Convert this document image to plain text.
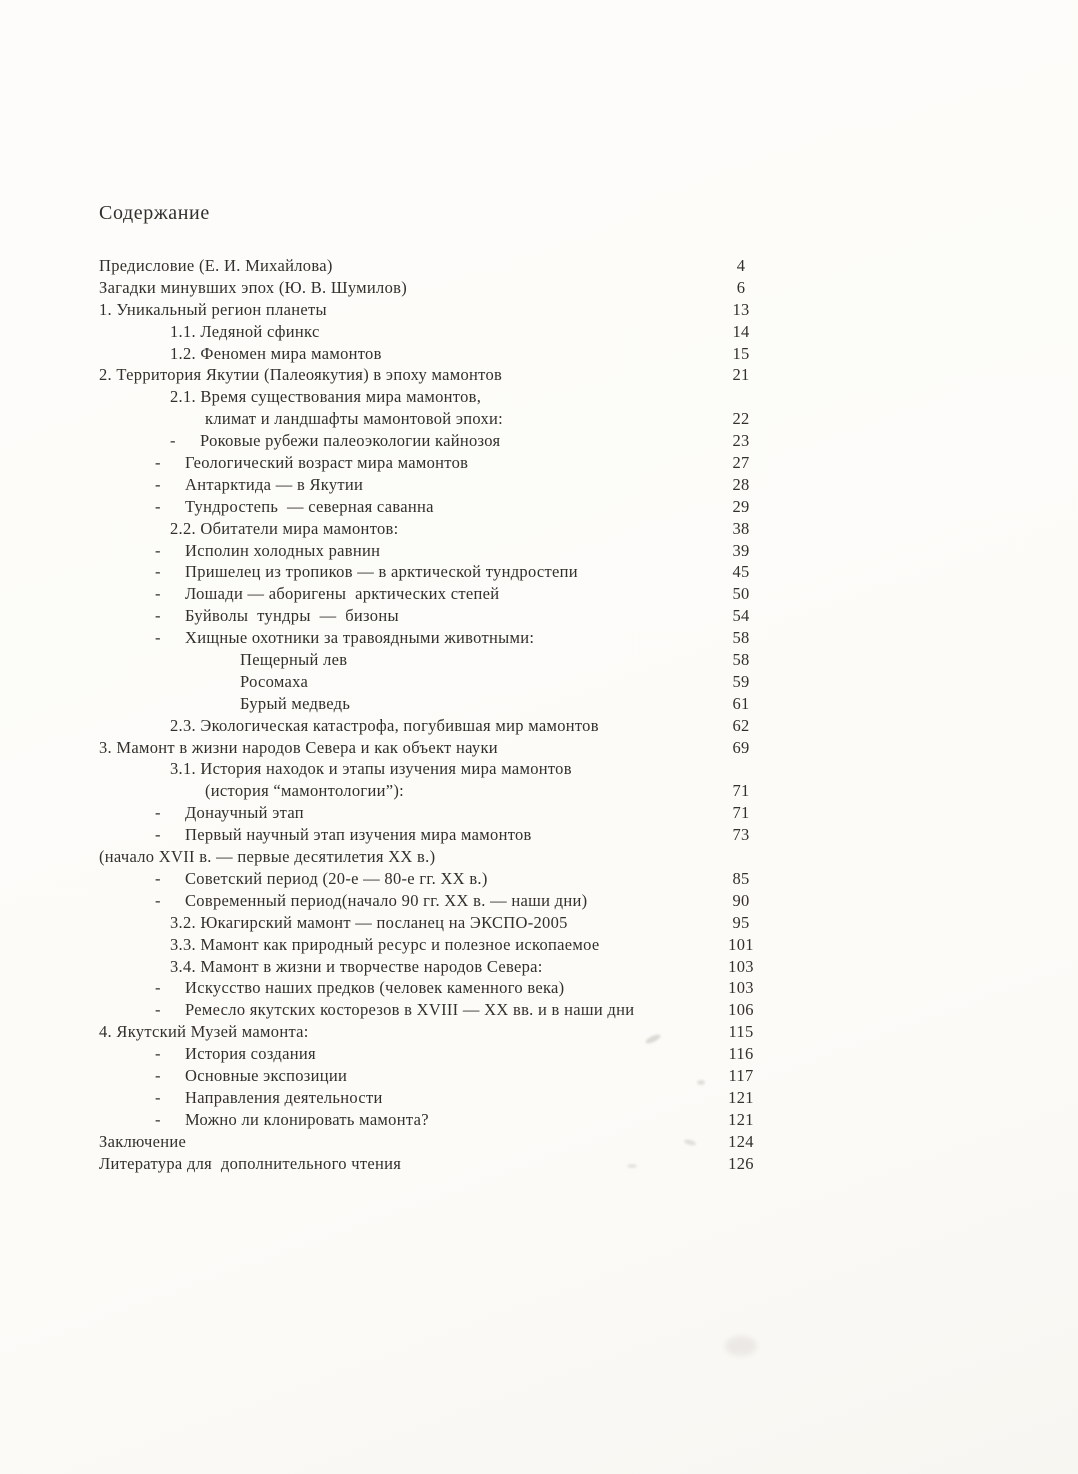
Содержание
Предисловие (Е. И. Михайлова)	4
Загадки минувших эпох (Ю. В. Шумилов)	6
1. Уникальный регион планеты	13
1.1. Ледяной сфинкс	14
1.2. Феномен мира мамонтов	15
2. Территория Якутии (Палеоякутия) в эпоху мамонтов	21
2.1. Время существования мира мамонтов,
климат и ландшафты мамонтовой эпохи:	22
-	Роковые рубежи палеоэкологии кайнозоя	23
-	Геологический возраст мира мамонтов	27
-	Антарктида — в Якутии	28
-	Тундростепь  — северная саванна	29
2.2. Обитатели мира мамонтов:	38
-	Исполин холодных равнин	39
-	Пришелец из тропиков — в арктической тундростепи	45
-	Лошади — аборигены  арктических степей	50
-	Буйволы  тундры  —  бизоны	54
-	Хищные охотники за травоядными животными:	58
Пещерный лев	58
Росомаха	59
Бурый медведь	61
2.3. Экологическая катастрофа, погубившая мир мамонтов	62
3. Мамонт в жизни народов Севера и как объект науки	69
3.1. История находок и этапы изучения мира мамонтов
(история “мамонтологии”):	71
-	Донаучный этап	71
-	Первый научный этап изучения мира мамонтов	73
(начало XVII в. — первые десятилетия XX в.)
-	Советский период (20-е — 80-е гг. XX в.)	85
-	Современный период(начало 90 гг. XX в. — наши дни)	90
3.2. Юкагирский мамонт — посланец на ЭКСПО-2005	95
3.3. Мамонт как природный ресурс и полезное ископаемое	101
3.4. Мамонт в жизни и творчестве народов Севера:	103
-	Искусство наших предков (человек каменного века)	103
-	Ремесло якутских косторезов в XVIII — XX вв. и в наши дни	106
4. Якутский Музей мамонта:	115
-	История создания	116
-	Основные экспозиции	117
-	Направления деятельности	121
-	Можно ли клонировать мамонта?	121
Заключение	124
Литература для  дополнительного чтения	126
